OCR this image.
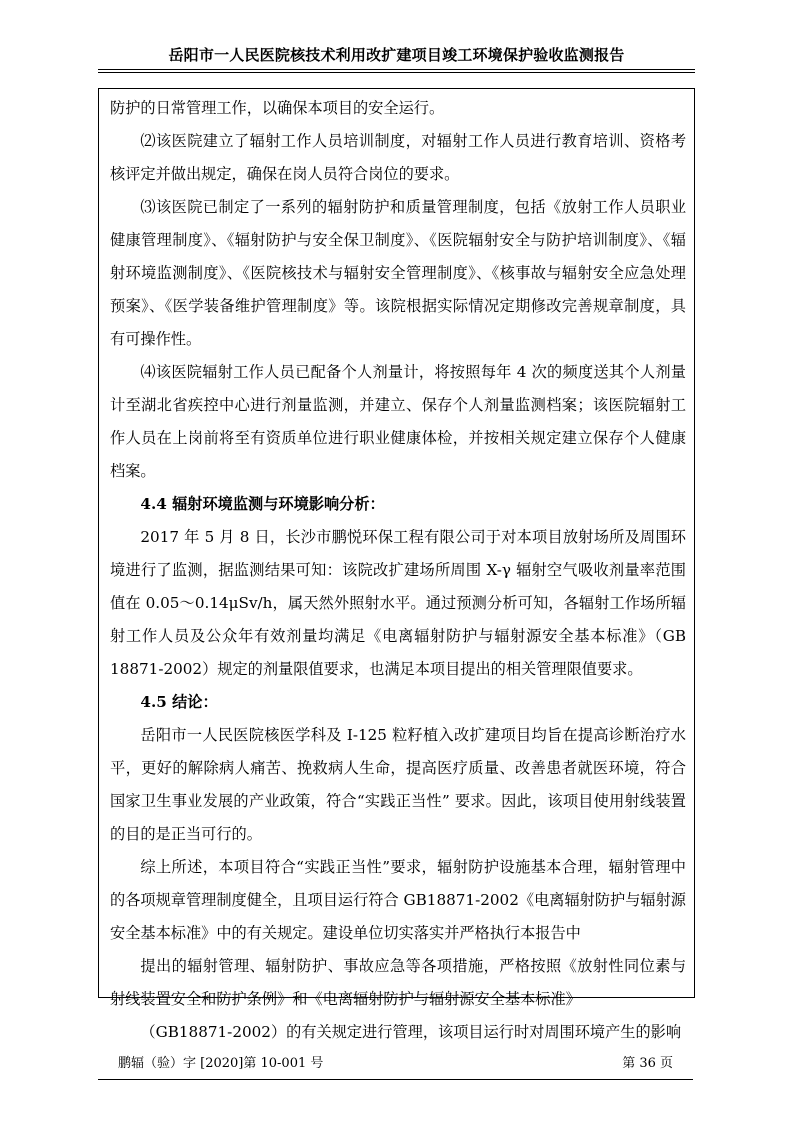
岳阳市一人民医院核技术利用改扩建项目竣工环境保护验收监测报告

防护的日常管理工作，以确保本项目的安全运行。

⑵该医院建立了辐射工作人员培训制度，对辐射工作人员进行教育培训、资格考核评定并做出规定，确保在岗人员符合岗位的要求。

⑶该医院已制定了一系列的辐射防护和质量管理制度，包括《放射工作人员职业健康管理制度》、《辐射防护与安全保卫制度》、《医院辐射安全与防护培训制度》、《辐射环境监测制度》、《医院核技术与辐射安全管理制度》、《核事故与辐射安全应急处理预案》、《医学装备维护管理制度》等。该院根据实际情况定期修改完善规章制度，具有可操作性。

⑷该医院辐射工作人员已配备个人剂量计，将按照每年 4 次的频度送其个人剂量计至湖北省疾控中心进行剂量监测，并建立、保存个人剂量监测档案；该医院辐射工作人员在上岗前将至有资质单位进行职业健康体检，并按相关规定建立保存个人健康档案。

4.4 辐射环境监测与环境影响分析：

2017 年 5 月 8 日，长沙市鹏悦环保工程有限公司于对本项目放射场所及周围环境进行了监测，据监测结果可知：该院改扩建场所周围 X-γ 辐射空气吸收剂量率范围值在 0.05～0.14μSv/h，属天然外照射水平。通过预测分析可知，各辐射工作场所辐射工作人员及公众年有效剂量均满足《电离辐射防护与辐射源安全基本标准》（GB 18871-2002）规定的剂量限值要求，也满足本项目提出的相关管理限值要求。

4.5 结论：

岳阳市一人民医院核医学科及 I-125 粒籽植入改扩建项目均旨在提高诊断治疗水平，更好的解除病人痛苦、挽救病人生命，提高医疗质量、改善患者就医环境，符合国家卫生事业发展的产业政策，符合“实践正当性” 要求。因此，该项目使用射线装置的目的是正当可行的。

综上所述，本项目符合“实践正当性”要求，辐射防护设施基本合理，辐射管理中的各项规章管理制度健全，且项目运行符合 GB18871-2002《电离辐射防护与辐射源安全基本标准》中的有关规定。建设单位切实落实并严格执行本报告中

提出的辐射管理、辐射防护、事故应急等各项措施，严格按照《放射性同位素与射线装置安全和防护条例》和《电离辐射防护与辐射源安全基本标准》

（GB18871-2002）的有关规定进行管理，该项目运行时对周围环境产生的影响

鹏辐（验）字 [2020]第 10-001 号	第 36 页
